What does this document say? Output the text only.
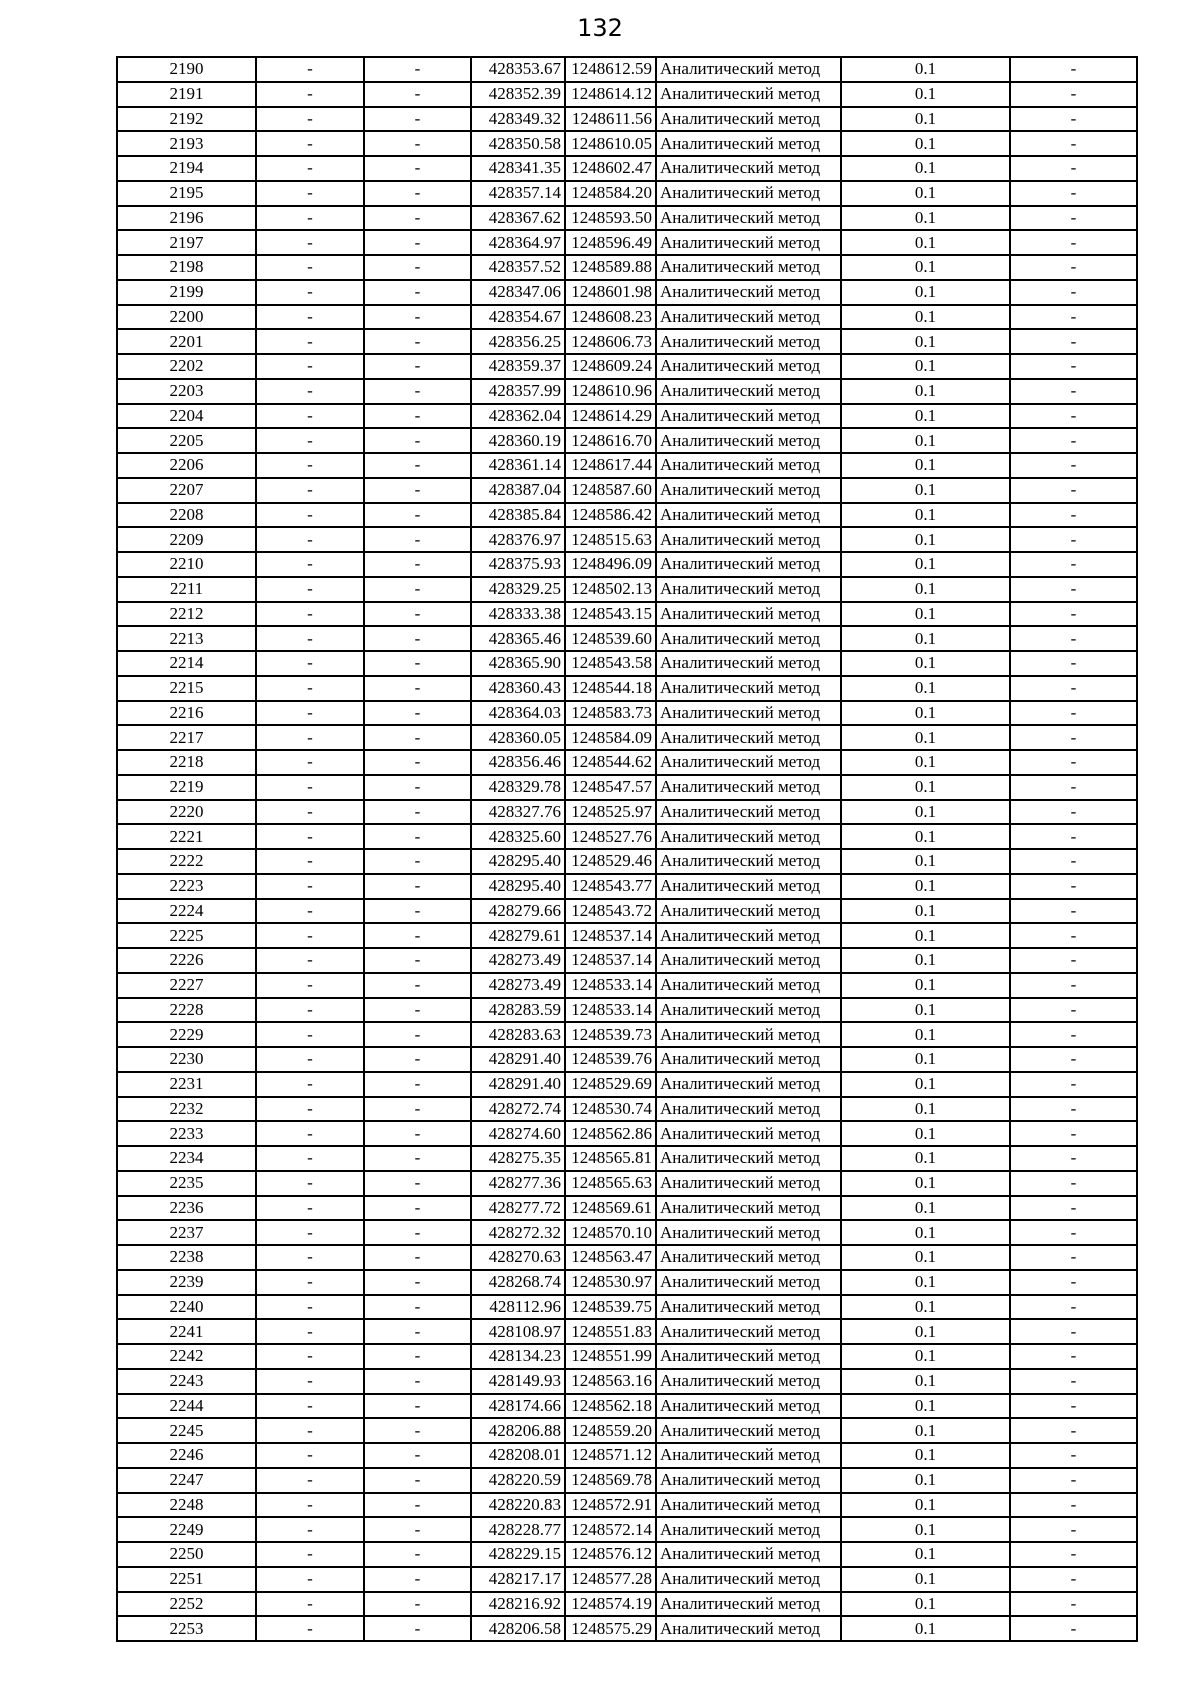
132
2190	-	-	428353.67	1248612.59	Аналитический метод	0.1	-
2191	-	-	428352.39	1248614.12	Аналитический метод	0.1	-
2192	-	-	428349.32	1248611.56	Аналитический метод	0.1	-
2193	-	-	428350.58	1248610.05	Аналитический метод	0.1	-
2194	-	-	428341.35	1248602.47	Аналитический метод	0.1	-
2195	-	-	428357.14	1248584.20	Аналитический метод	0.1	-
2196	-	-	428367.62	1248593.50	Аналитический метод	0.1	-
2197	-	-	428364.97	1248596.49	Аналитический метод	0.1	-
2198	-	-	428357.52	1248589.88	Аналитический метод	0.1	-
2199	-	-	428347.06	1248601.98	Аналитический метод	0.1	-
2200	-	-	428354.67	1248608.23	Аналитический метод	0.1	-
2201	-	-	428356.25	1248606.73	Аналитический метод	0.1	-
2202	-	-	428359.37	1248609.24	Аналитический метод	0.1	-
2203	-	-	428357.99	1248610.96	Аналитический метод	0.1	-
2204	-	-	428362.04	1248614.29	Аналитический метод	0.1	-
2205	-	-	428360.19	1248616.70	Аналитический метод	0.1	-
2206	-	-	428361.14	1248617.44	Аналитический метод	0.1	-
2207	-	-	428387.04	1248587.60	Аналитический метод	0.1	-
2208	-	-	428385.84	1248586.42	Аналитический метод	0.1	-
2209	-	-	428376.97	1248515.63	Аналитический метод	0.1	-
2210	-	-	428375.93	1248496.09	Аналитический метод	0.1	-
2211	-	-	428329.25	1248502.13	Аналитический метод	0.1	-
2212	-	-	428333.38	1248543.15	Аналитический метод	0.1	-
2213	-	-	428365.46	1248539.60	Аналитический метод	0.1	-
2214	-	-	428365.90	1248543.58	Аналитический метод	0.1	-
2215	-	-	428360.43	1248544.18	Аналитический метод	0.1	-
2216	-	-	428364.03	1248583.73	Аналитический метод	0.1	-
2217	-	-	428360.05	1248584.09	Аналитический метод	0.1	-
2218	-	-	428356.46	1248544.62	Аналитический метод	0.1	-
2219	-	-	428329.78	1248547.57	Аналитический метод	0.1	-
2220	-	-	428327.76	1248525.97	Аналитический метод	0.1	-
2221	-	-	428325.60	1248527.76	Аналитический метод	0.1	-
2222	-	-	428295.40	1248529.46	Аналитический метод	0.1	-
2223	-	-	428295.40	1248543.77	Аналитический метод	0.1	-
2224	-	-	428279.66	1248543.72	Аналитический метод	0.1	-
2225	-	-	428279.61	1248537.14	Аналитический метод	0.1	-
2226	-	-	428273.49	1248537.14	Аналитический метод	0.1	-
2227	-	-	428273.49	1248533.14	Аналитический метод	0.1	-
2228	-	-	428283.59	1248533.14	Аналитический метод	0.1	-
2229	-	-	428283.63	1248539.73	Аналитический метод	0.1	-
2230	-	-	428291.40	1248539.76	Аналитический метод	0.1	-
2231	-	-	428291.40	1248529.69	Аналитический метод	0.1	-
2232	-	-	428272.74	1248530.74	Аналитический метод	0.1	-
2233	-	-	428274.60	1248562.86	Аналитический метод	0.1	-
2234	-	-	428275.35	1248565.81	Аналитический метод	0.1	-
2235	-	-	428277.36	1248565.63	Аналитический метод	0.1	-
2236	-	-	428277.72	1248569.61	Аналитический метод	0.1	-
2237	-	-	428272.32	1248570.10	Аналитический метод	0.1	-
2238	-	-	428270.63	1248563.47	Аналитический метод	0.1	-
2239	-	-	428268.74	1248530.97	Аналитический метод	0.1	-
2240	-	-	428112.96	1248539.75	Аналитический метод	0.1	-
2241	-	-	428108.97	1248551.83	Аналитический метод	0.1	-
2242	-	-	428134.23	1248551.99	Аналитический метод	0.1	-
2243	-	-	428149.93	1248563.16	Аналитический метод	0.1	-
2244	-	-	428174.66	1248562.18	Аналитический метод	0.1	-
2245	-	-	428206.88	1248559.20	Аналитический метод	0.1	-
2246	-	-	428208.01	1248571.12	Аналитический метод	0.1	-
2247	-	-	428220.59	1248569.78	Аналитический метод	0.1	-
2248	-	-	428220.83	1248572.91	Аналитический метод	0.1	-
2249	-	-	428228.77	1248572.14	Аналитический метод	0.1	-
2250	-	-	428229.15	1248576.12	Аналитический метод	0.1	-
2251	-	-	428217.17	1248577.28	Аналитический метод	0.1	-
2252	-	-	428216.92	1248574.19	Аналитический метод	0.1	-
2253	-	-	428206.58	1248575.29	Аналитический метод	0.1	-
